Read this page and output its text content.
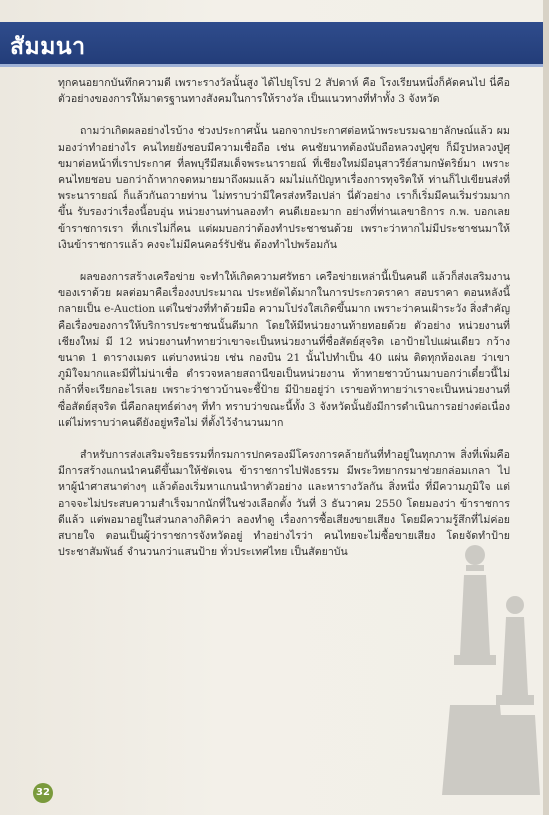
สัมมนา

ทุกคนอยากบันทึกความดี เพราะรางวัลนั้นสูง ได้ไปยุโรป 2 สัปดาห์ คือ โรงเรียนหนึ่งก็คัดคนไป นี่คือตัวอย่างของการให้มาตรฐานทางสังคมในการให้รางวัล เป็นแนวทางที่ทำทั้ง 3 จังหวัด

ถามว่าเกิดผลอย่างไรบ้าง ช่วงประกาศนั้น นอกจากประกาศต่อหน้าพระบรมฉายาลักษณ์แล้ว ผมมองว่าทำอย่างไร คนไทยยังชอบมีความเชื่อถือ เช่น คนชัยนาทต้องนับถือหลวงปู่ศุข ก็มีรูปหลวงปู่ศุขมาต่อหน้าที่เราประกาศ ที่ลพบุรีมีสมเด็จพระนารายณ์ ที่เชียงใหม่มีอนุสาวรีย์สามกษัตริย์มา เพราะคนไทยชอบ บอกว่าถ้าหากจดหมายมาถึงผมแล้ว ผมไม่แก้ปัญหาเรื่องการทุจริตให้ ท่านก็ไปเขียนส่งที่พระนารายณ์ ก็แล้วกันถวายท่าน ไม่ทราบว่ามีใครส่งหรือเปล่า นี่ตัวอย่าง เราก็เริ่มมีคนเริ่มร่วมมากขึ้น รับรองว่าเรื่องนี้อบอุ่น หน่วยงานท่านลองทำ คนดีเยอะมาก อย่างที่ท่านเลขาธิการ ก.พ. บอกเลย ข้าราชการเรา ที่เกเรไม่กี่คน แต่ผมบอกว่าต้องทำประชาชนด้วย เพราะว่าหากไม่มีประชาชนมาให้เงินข้าราชการแล้ว คงจะไม่มีคนคอร์รัปชัน ต้องทำไปพร้อมกัน

ผลของการสร้างเครือข่าย จะทำให้เกิดความศรัทธา เครือข่ายเหล่านี้เป็นคนดี แล้วก็ส่งเสริมงานของเราด้วย ผลต่อมาคือเรื่องงบประมาณ ประหยัดได้มากในการประกวดราคา สอบราคา ตอนหลังนี้กลายเป็น e-Auction แต่ในช่วงที่ทำด้วยมือ ความโปร่งใสเกิดขึ้นมาก เพราะว่าคนเฝ้าระวัง สิ่งสำคัญคือเรื่องของการให้บริการประชาชนนั้นดีมาก โดยให้มีหน่วยงานท้ายทอยด้วย ตัวอย่าง หน่วยงานที่เชียงใหม่ มี 12 หน่วยงานทำทายว่าเขาจะเป็นหน่วยงานที่ซื่อสัตย์สุจริต เอาป้ายไปแผ่นเดียว กว้างขนาด 1 ตารางเมตร แต่บางหน่วย เช่น กองบิน 21 นั้นไปทำเป็น 40 แผ่น ติดทุกห้องเลย ว่าเขาภูมิใจมากและมีที่ไม่น่าเชื่อ ตำรวจหลายสถานีขอเป็นหน่วยงาน ท้าทายชาวบ้านมาบอกว่าเดี๋ยวนี้ไม่กล้าที่จะเรียกอะไรเลย เพราะว่าชาวบ้านจะชี้ป้าย มีป้ายอยู่ว่า เราขอท้าทายว่าเราจะเป็นหน่วยงานที่ซื่อสัตย์สุจริต นี่คือกลยุทธ์ต่างๆ ที่ทำ ทราบว่าขณะนี้ทั้ง 3 จังหวัดนั้นยังมีการดำเนินการอย่างต่อเนื่อง แต่ไม่ทราบว่าคนดียังอยู่หรือไม่ ที่ตั้งไว้จำนวนมาก

สำหรับการส่งเสริมจริยธรรมที่กรมการปกครองมีโครงการคล้ายกันที่ทำอยู่ในทุกภาพ สิ่งที่เพิ่มคือ มีการสร้างแกนนำคนดีขึ้นมาให้ชัดเจน ข้าราชการไปฟังธรรม มีพระวิทยากรมาช่วยกล่อมเกลา ไปหาผู้นำศาสนาต่างๆ แล้วต้องเริ่มหาแกนนำหาตัวอย่าง และหารางวัลกัน สิ่งหนึ่ง ที่มีความภูมิใจ แต่อาจจะไม่ประสบความสำเร็จมากนักที่ในช่วงเลือกตั้ง วันที่ 3 ธันวาคม 2550 โดยมองว่า ข้าราชการดีแล้ว แต่พอมาอยู่ในส่วนกลางกิติคว่า ลองทำดู เรื่องการซื้อเสียงขายเสียง โดยมีความรู้สึกที่ไม่ค่อยสบายใจ ตอนเป็นผู้ว่าราชการจังหวัดอยู่ ทำอย่างไรว่า คนไทยจะไม่ซื้อขายเสียง โดยจัดทำป้ายประชาสัมพันธ์ จำนวนกว่าแสนป้าย ทั่วประเทศไทย เป็นสัตยาบัน

32
